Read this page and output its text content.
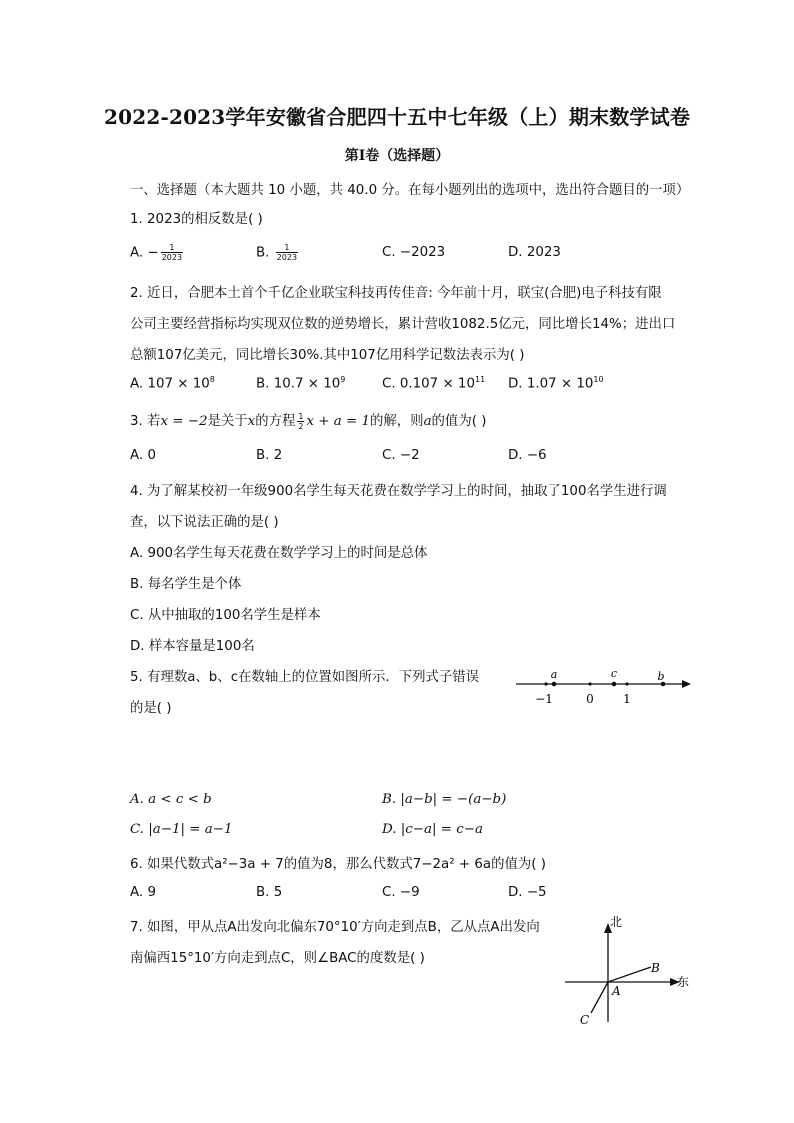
2022-2023学年安徽省合肥四十五中七年级（上）期末数学试卷
第I卷（选择题）
一、选择题（本大题共 10 小题，共 40.0 分。在每小题列出的选项中，选出符合题目的一项）
1. 2023的相反数是( )
A. − $\frac{1}{2023}$	B. $\frac{1}{2023}$	C. −2023	D. 2023
2. 近日，合肥本土首个千亿企业联宝科技再传佳音: 今年前十月，联宝(合肥)电子科技有限
公司主要经营指标均实现双位数的逆势增长，累计营收1082.5亿元，同比增长14%；进出口
总额107亿美元，同比增长30%.其中107亿用科学记数法表示为( )
A. $107 \times 10^8$	B. $10.7 \times 10^9$	C. $0.107 \times 10^{11}$ D. $1.07 \times 10^{10}$
3. 若x = −2是关于x的方程 $\frac{1}{2}$ x + a = 1的解，则a的值为( )
A. 0	B. 2	C. −2	D. −6
4. 为了解某校初一年级900名学生每天花费在数学学习上的时间，抽取了100名学生进行调
查，以下说法正确的是( )
A. 900名学生每天花费在数学学习上的时间是总体
B. 每名学生是个体
C. 从中抽取的100名学生是样本
D. 样本容量是100名
5. 有理数a、b、c在数轴上的位置如图所示．下列式子错误
的是( )
a	c	b
−1	0 1
A. a < c < b	B. |a−b| = −(a−b)
C. |a−1| = a−1	D. |c−a| = c−a
6. 如果代数式a²−3a + 7的值为8，那么代数式7−2a² + 6a的值为( )
A. 9	B. 5	C. −9	D. −5
7. 如图，甲从点A出发向北偏东70°10′方向走到点B，乙从点A出发向
南偏西15°10′方向走到点C，则∠BAC的度数是( )
北
东
A
B
C
